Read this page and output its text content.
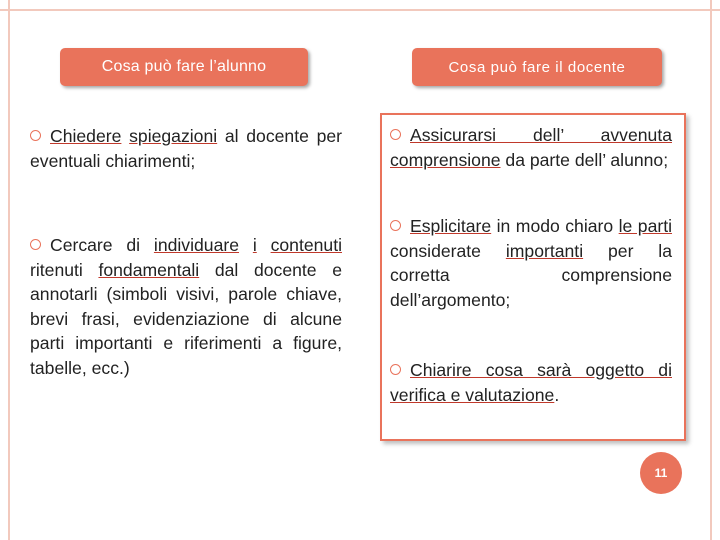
Cosa può fare l’alunno	Cosa può fare il docente

Chiedere spiegazioni al docente per eventuali chiarimenti;

Cercare di individuare i contenuti ritenuti fondamentali dal docente e annotarli (simboli visivi, parole chiave, brevi frasi, evidenziazione di alcune parti importanti e riferimenti a figure, tabelle, ecc.)

Assicurarsi dell’ avvenuta comprensione da parte dell’ alunno;

Esplicitare in modo chiaro le parti considerate importanti per la corretta comprensione dell’argomento;

Chiarire cosa sarà oggetto di verifica e valutazione.

11
